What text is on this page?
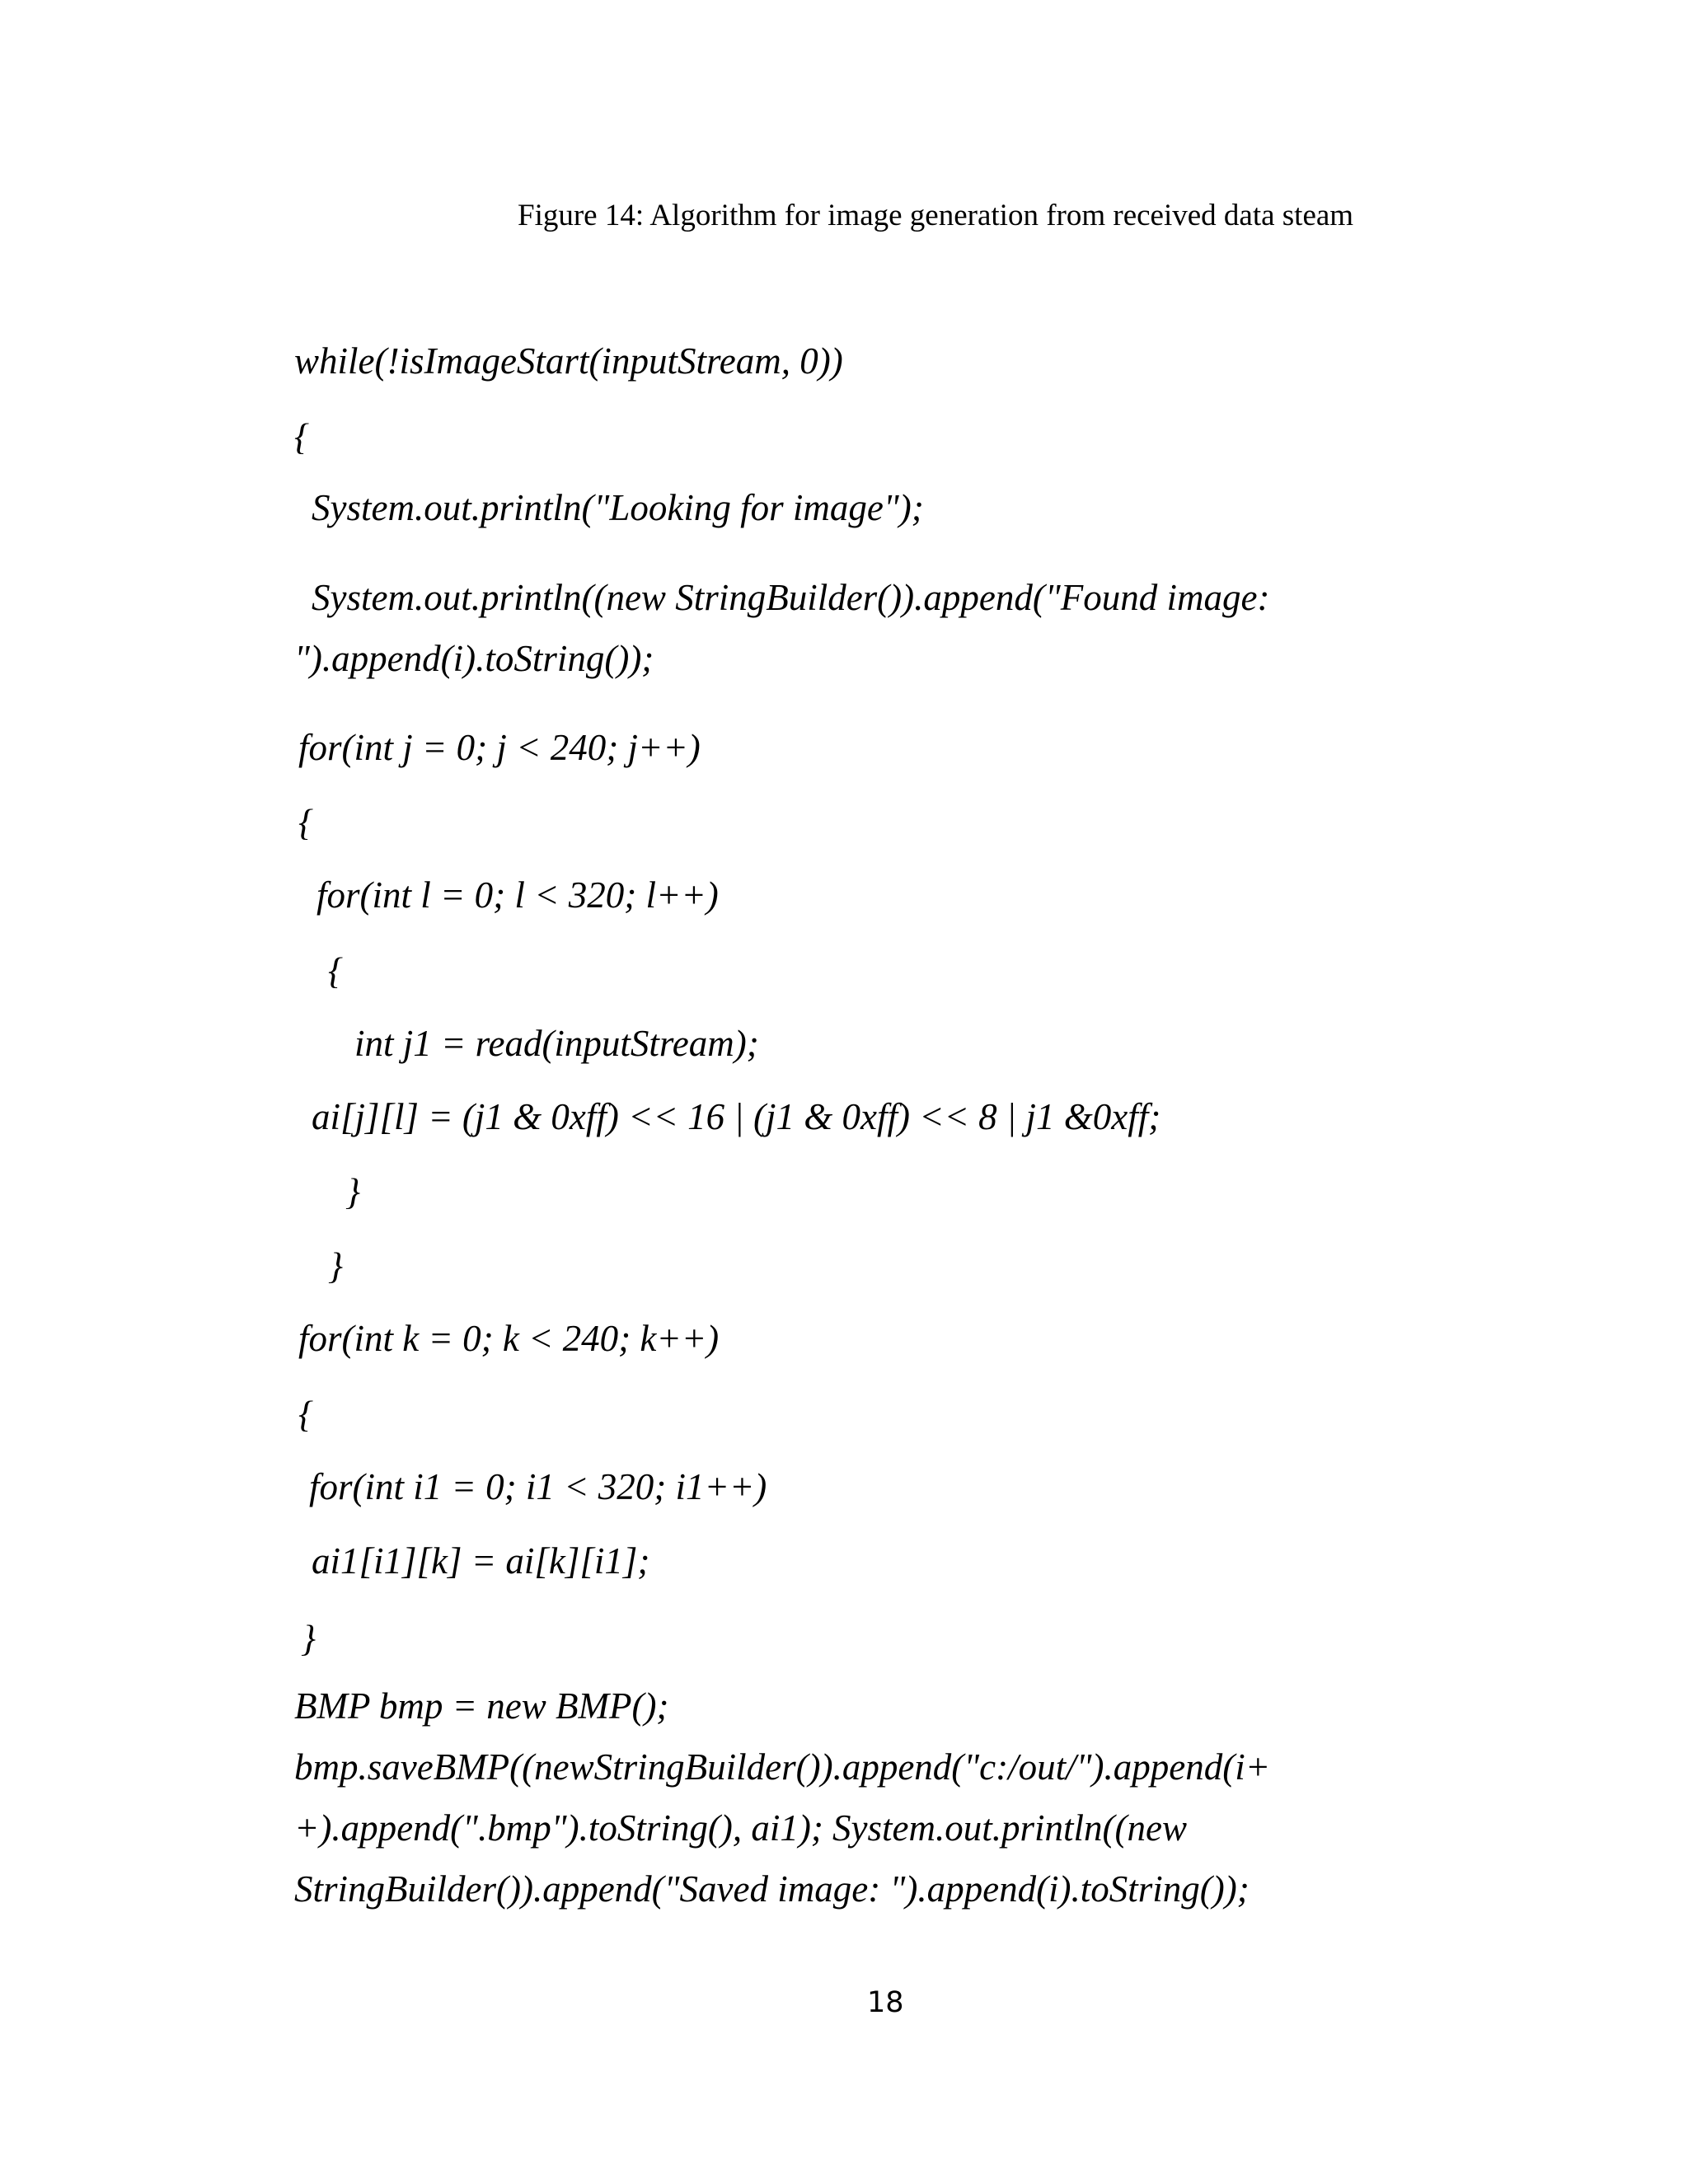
Figure 14: Algorithm for image generation from received data steam
while(!isImageStart(inputStream, 0))
{
System.out.println("Looking for image");
System.out.println((new StringBuilder()).append("Found image:
").append(i).toString());
for(int j = 0; j < 240; j++)
{
for(int l = 0; l < 320; l++)
{
int j1 = read(inputStream);
ai[j][l] = (j1 & 0xff) << 16 | (j1 & 0xff) << 8 | j1 &0xff;
}
}
for(int k = 0; k < 240; k++)
{
for(int i1 = 0; i1 < 320; i1++)
ai1[i1][k] = ai[k][i1];
}
BMP bmp = new BMP();
bmp.saveBMP((newStringBuilder()).append("c:/out/").append(i+
+).append(".bmp").toString(), ai1); System.out.println((new
StringBuilder()).append("Saved image: ").append(i).toString());
18
